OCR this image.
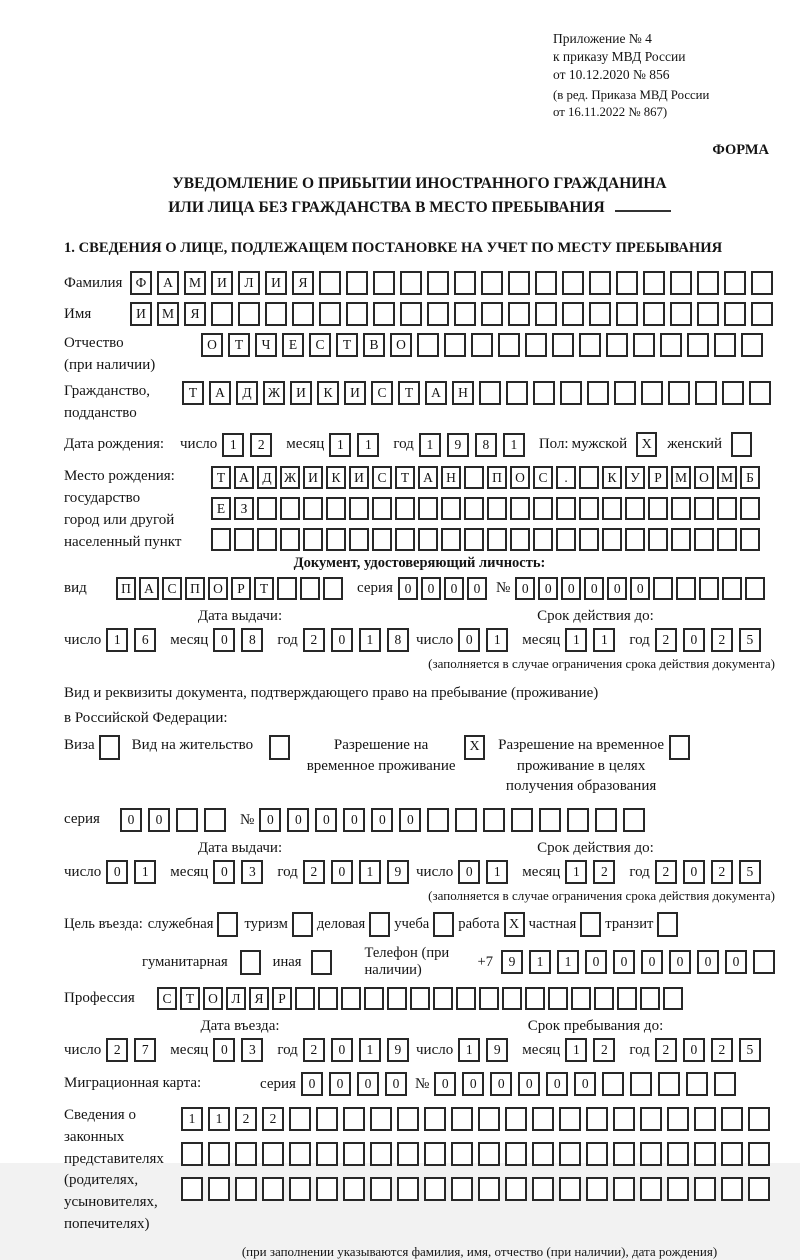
Приложение № 4
к приказу МВД России
от 10.12.2020 № 856
(в ред. Приказа МВД России
от 16.11.2022 № 867)
ФОРМА
УВЕДОМЛЕНИЕ О ПРИБЫТИИ ИНОСТРАННОГО ГРАЖДАНИНА
ИЛИ ЛИЦА БЕЗ ГРАЖДАНСТВА В МЕСТО ПРЕБЫВАНИЯ
1. СВЕДЕНИЯ О ЛИЦЕ, ПОДЛЕЖАЩЕМ ПОСТАНОВКЕ НА УЧЕТ ПО МЕСТУ ПРЕБЫВАНИЯ
Фамилия Ф	А	М	И	Л	И	Я
Имя	И	М	Я
Отчество
(при наличии)
О	Т	Ч	Е	С	Т	В	О
Гражданство,
подданство
Т	А	Д	Ж	И	К	И	С	Т	А	Н
Дата рождения:	число 1	2	месяц 1	1	год 1	9	8	1	Пол: мужской	X	женский
Место рождения:
государство
город или другой
населенный пункт
Т	А	Д Ж И	К	И	С	Т	А Н	П О	С	.	К	У	Р М О М Б
Е	З
Документ, удостоверяющий личность:
вид	П А	С	П О	Р	Т	серия 0	0	0	0	№ 0	0	0	0	0	0
Дата выдачи:	Срок действия до:
число 1	6	месяц 0	8	год 2	0	1	8 число 0	1	месяц 1	1	год 2	0	2	5
(заполняется в случае ограничения срока действия документа)
Вид и реквизиты документа, подтверждающего право на пребывание (проживание)
в Российской Федерации:
Виза Вид на жительство	Разрешение на временное проживание
X	Разрешение на временное проживание в целях получения образования
серия	0	0	№ 0	0	0	0	0	0
Дата выдачи:	Срок действия до:
число 0	1	месяц 0	3	год 2	0	1	9 число 0	1	месяц 1	2	год 2	0	2	5
(заполняется в случае ограничения срока действия документа)
Цель въезда: служебная туризм деловая учеба работа X частная транзит
гуманитарная	иная
Телефон (при наличии)
+7	9	1	1	0	0	0	0	0	0
Профессия	С	Т	О	Л	Я	Р
Дата въезда:	Срок пребывания до:
число 2	7	месяц 0	3	год 2	0	1	9 число 1	9	месяц 1	2	год 2	0	2	5
Миграционная карта:	серия 0	0	0	0	№ 0	0	0	0	0	0
Сведения о
законных
представителях
(родителях,
усыновителях,
попечителях)
1	1	2	2
(при заполнении указываются фамилия, имя, отчество (при наличии), дата рождения)
